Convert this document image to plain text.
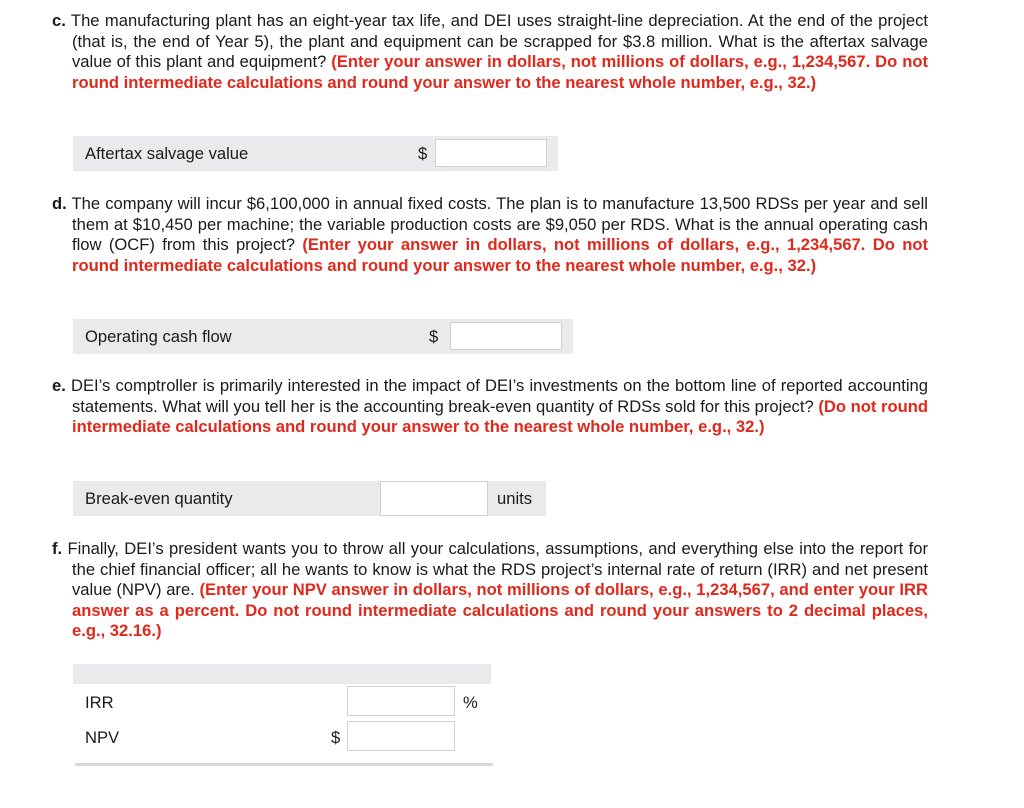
c. The manufacturing plant has an eight-year tax life, and DEI uses straight-line depreciation. At the end of the project (that is, the end of Year 5), the plant and equipment can be scrapped for $3.8 million. What is the aftertax salvage value of this plant and equipment? (Enter your answer in dollars, not millions of dollars, e.g., 1,234,567. Do not round intermediate calculations and round your answer to the nearest whole number, e.g., 32.)
Aftertax salvage value	$
d. The company will incur $6,100,000 in annual fixed costs. The plan is to manufacture 13,500 RDSs per year and sell them at $10,450 per machine; the variable production costs are $9,050 per RDS. What is the annual operating cash flow (OCF) from this project? (Enter your answer in dollars, not millions of dollars, e.g., 1,234,567. Do not round intermediate calculations and round your answer to the nearest whole number, e.g., 32.)
Operating cash flow	$
e. DEI’s comptroller is primarily interested in the impact of DEI’s investments on the bottom line of reported accounting statements. What will you tell her is the accounting break-even quantity of RDSs sold for this project? (Do not round intermediate calculations and round your answer to the nearest whole number, e.g., 32.)
Break-even quantity	units
f. Finally, DEI’s president wants you to throw all your calculations, assumptions, and everything else into the report for the chief financial officer; all he wants to know is what the RDS project’s internal rate of return (IRR) and net present value (NPV) are. (Enter your NPV answer in dollars, not millions of dollars, e.g., 1,234,567, and enter your IRR answer as a percent. Do not round intermediate calculations and round your answers to 2 decimal places, e.g., 32.16.)
IRR	%
NPV	$
